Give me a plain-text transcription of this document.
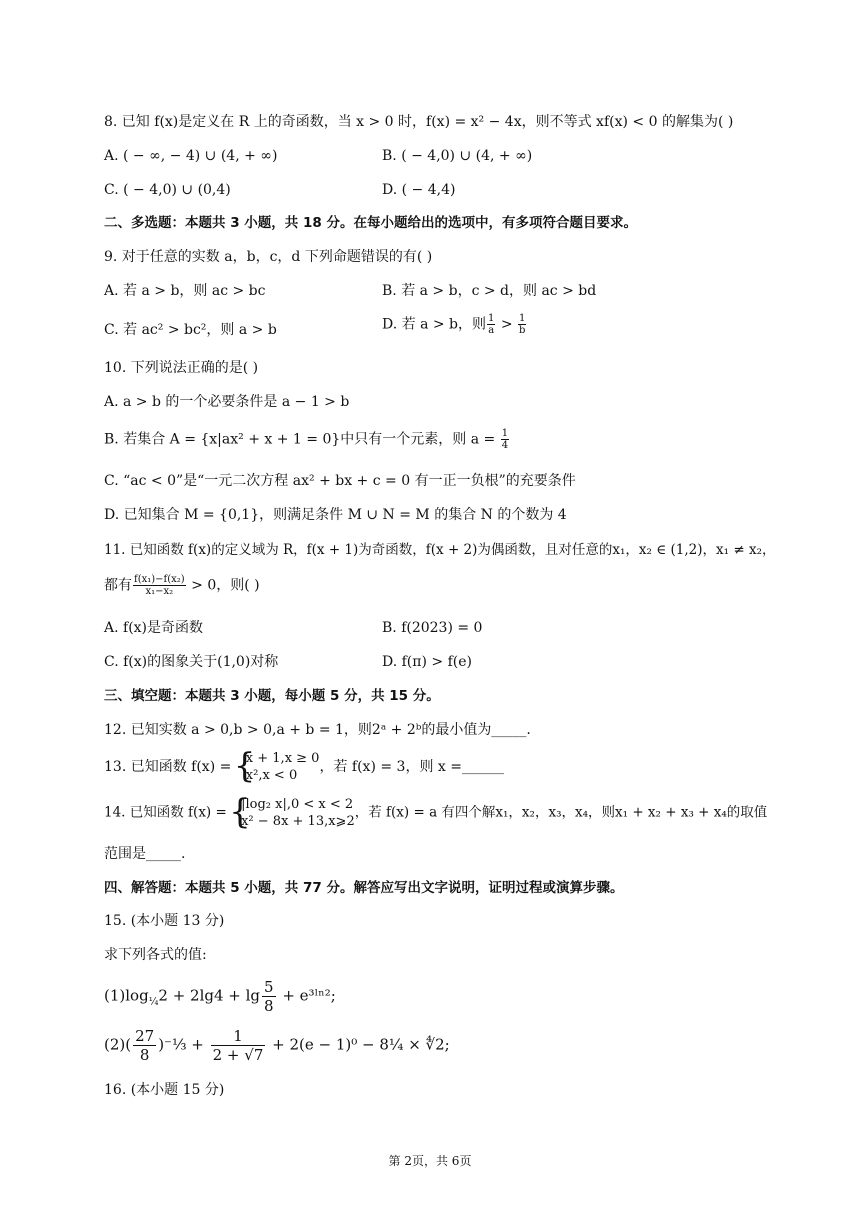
8. 已知 f(x)是定义在 R 上的奇函数，当 x > 0 时，f(x) = x² − 4x，则不等式 xf(x) < 0 的解集为( )
A. ( − ∞, − 4) ∪ (4, + ∞)	B. ( − 4,0) ∪ (4, + ∞)
C. ( − 4,0) ∪ (0,4)	D. ( − 4,4)
二、多选题：本题共 3 小题，共 18 分。在每小题给出的选项中，有多项符合题目要求。
9. 对于任意的实数 a，b，c，d 下列命题错误的有( )
A. 若 a > b，则 ac > bc	B. 若 a > b，c > d，则 ac > bd
C. 若 ac² > bc²，则 a > b	D. 若 a > b，则 $\frac{1}{a} > \frac{1}{b}$
10. 下列说法正确的是( )
A. a > b 的一个必要条件是 a − 1 > b
B. 若集合 A = {x|ax² + x + 1 = 0}中只有一个元素，则 $a = \frac{1}{4}$
C. “ac < 0”是“一元二次方程 ax² + bx + c = 0 有一正一负根”的充要条件
D. 已知集合 M = {0,1}，则满足条件 M ∪ N = M 的集合 N 的个数为 4
11. 已知函数 f(x)的定义域为 R，f(x + 1)为奇函数，f(x + 2)为偶函数，且对任意的x₁，x₂ ∈ (1,2)，x₁ ≠ x₂，
都有 $\frac{\text{f(x₁)−f(x₂)}}{\text{x₁−x₂}} > 0$，则( )
A. f(x)是奇函数	B. f(2023) = 0
C. f(x)的图象关于(1,0)对称	D. f(π) > f(e)
三、填空题：本题共 3 小题，每小题 5 分，共 15 分。
12. 已知实数 a > 0,b > 0,a + b = 1，则2ᵃ + 2ᵇ的最小值为_____.
13. 已知函数 f(x) =
{ x + 1,x ≥ 0
x²,x < 0
，若 f(x) = 3，则 x =______
14. 已知函数 f(x) =
{ |log₂ x|,0 < x < 2
x² − 8x + 13,x⩾2
，若 f(x) = a 有四个解x₁，x₂，x₃，x₄，则x₁ + x₂ + x₃ + x₄的取值
范围是_____.
四、解答题：本题共 5 小题，共 77 分。解答应写出文字说明，证明过程或演算步骤。
15. (本小题 13 分)
求下列各式的值:
$(1)\log_{\frac{1}{4}}2 + 2\lg 4 + \lg \frac{5}{8}$ + e³ˡⁿ²;
$(2)( \frac{27}{8}$ )⁻⅓ + $\frac{1}{2 + √7} + 2(e - 1)^0$ − 8¼ × ∜2;
16. (本小题 15 分)
第 2页，共 6页
